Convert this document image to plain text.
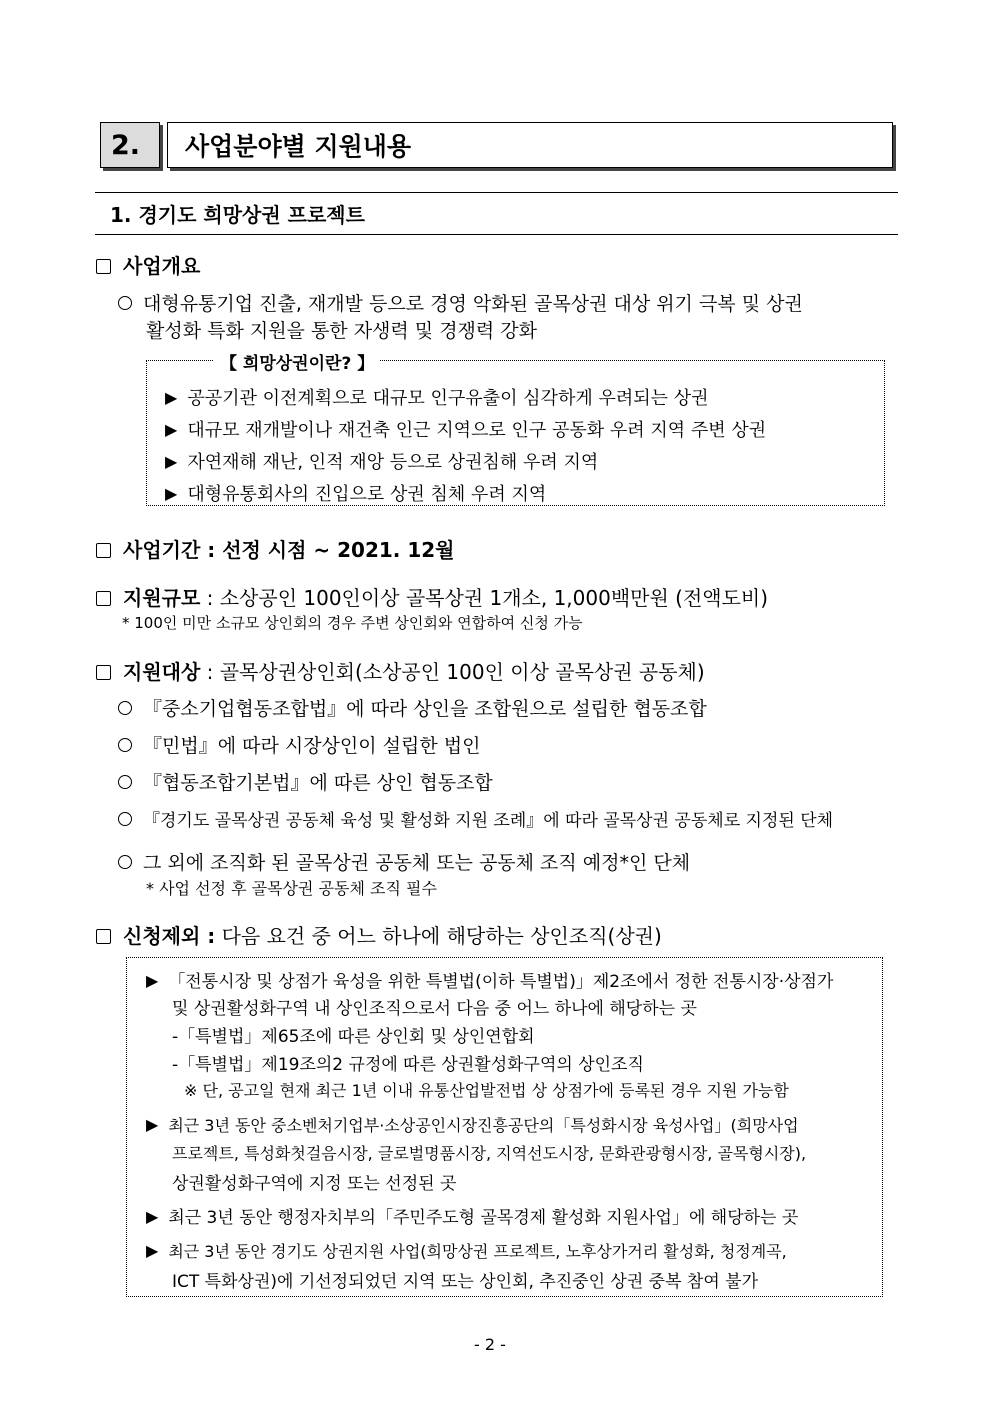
2. 사업분야별 지원내용
1. 경기도 희망상권 프로젝트
사업개요
대형유통기업 진출, 재개발 등으로 경영 악화된 골목상권 대상 위기 극복 및 상권
활성화 특화 지원을 통한 자생력 및 경쟁력 강화
【 희망상권이란? 】
▶ 공공기관 이전계획으로 대규모 인구유출이 심각하게 우려되는 상권
▶ 대규모 재개발이나 재건축 인근 지역으로 인구 공동화 우려 지역 주변 상권
▶ 자연재해 재난, 인적 재앙 등으로 상권침해 우려 지역
▶ 대형유통회사의 진입으로 상권 침체 우려 지역
사업기간 : 선정 시점 ~ 2021. 12월
지원규모 : 소상공인 100인이상 골목상권 1개소, 1,000백만원 (전액도비)
* 100인 미만 소규모 상인회의 경우 주변 상인회와 연합하여 신청 가능
지원대상 : 골목상권상인회(소상공인 100인 이상 골목상권 공동체)
『중소기업협동조합법』에 따라 상인을 조합원으로 설립한 협동조합
『민법』에 따라 시장상인이 설립한 법인
『협동조합기본법』에 따른 상인 협동조합
『경기도 골목상권 공동체 육성 및 활성화 지원 조례』에 따라 골목상권 공동체로 지정된 단체
그 외에 조직화 된 골목상권 공동체 또는 공동체 조직 예정*인 단체
* 사업 선정 후 골목상권 공동체 조직 필수
신청제외 : 다음 요건 중 어느 하나에 해당하는 상인조직(상권)
▶ 「전통시장 및 상점가 육성을 위한 특별법(이하 특별법)」제2조에서 정한 전통시장·상점가
및 상권활성화구역 내 상인조직으로서 다음 중 어느 하나에 해당하는 곳
-「특별법」제65조에 따른 상인회 및 상인연합회
-「특별법」제19조의2 규정에 따른 상권활성화구역의 상인조직
※ 단, 공고일 현재 최근 1년 이내 유통산업발전법 상 상점가에 등록된 경우 지원 가능함
▶ 최근 3년 동안 중소벤처기업부·소상공인시장진흥공단의「특성화시장 육성사업」(희망사업
프로젝트, 특성화첫걸음시장, 글로벌명품시장, 지역선도시장, 문화관광형시장, 골목형시장),
상권활성화구역에 지정 또는 선정된 곳
▶ 최근 3년 동안 행정자치부의「주민주도형 골목경제 활성화 지원사업」에 해당하는 곳
▶ 최근 3년 동안 경기도 상권지원 사업(희망상권 프로젝트, 노후상가거리 활성화, 청정계곡,
ICT 특화상권)에 기선정되었던 지역 또는 상인회, 추진중인 상권 중복 참여 불가
- 2 -
